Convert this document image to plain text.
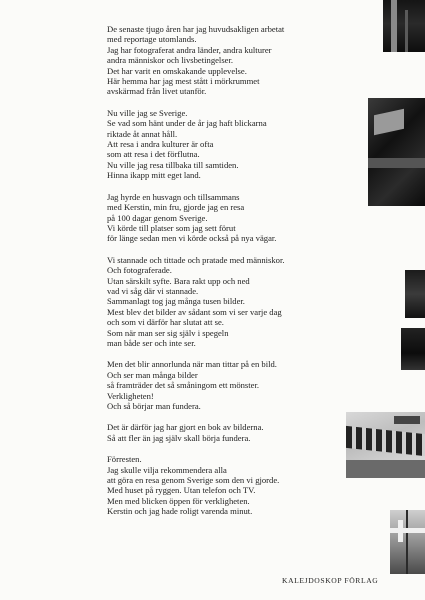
De senaste tjugo åren har jag huvudsakligen arbetat
med reportage utomlands.
Jag har fotograferat andra länder, andra kulturer
andra människor och livsbetingelser.
Det har varit en omskakande upplevelse.
Här hemma har jag mest stått i mörkrummet
avskärmad från livet utanför.
Nu ville jag se Sverige.
Se vad som hänt under de år jag haft blickarna
riktade åt annat håll.
Att resa i andra kulturer är ofta
som att resa i det förflutna.
Nu ville jag resa tillbaka till samtiden.
Hinna ikapp mitt eget land.
Jag hyrde en husvagn och tillsammans
med Kerstin, min fru, gjorde jag en resa
på 100 dagar genom Sverige.
Vi körde till platser som jag sett förut
för länge sedan men vi körde också på nya vägar.
Vi stannade och tittade och pratade med människor.
Och fotograferade.
Utan särskilt syfte. Bara rakt upp och ned
vad vi såg där vi stannade.
Sammanlagt tog jag många tusen bilder.
Mest blev det bilder av sådant som vi ser varje dag
och som vi därför har slutat att se.
Som när man ser sig själv i spegeln
man både ser och inte ser.
Men det blir annorlunda när man tittar på en bild.
Och ser man många bilder
så framträder det så småningom ett mönster.
Verkligheten!
Och så börjar man fundera.
Det är därför jag har gjort en bok av bilderna.
Så att fler än jag själv skall börja fundera.
Förresten.
Jag skulle vilja rekommendera alla
att göra en resa genom Sverige som den vi gjorde.
Med huset på ryggen. Utan telefon och TV.
Men med blicken öppen för verkligheten.
Kerstin och jag hade roligt varenda minut.
KALEJDOSKOP FÖRLAG
